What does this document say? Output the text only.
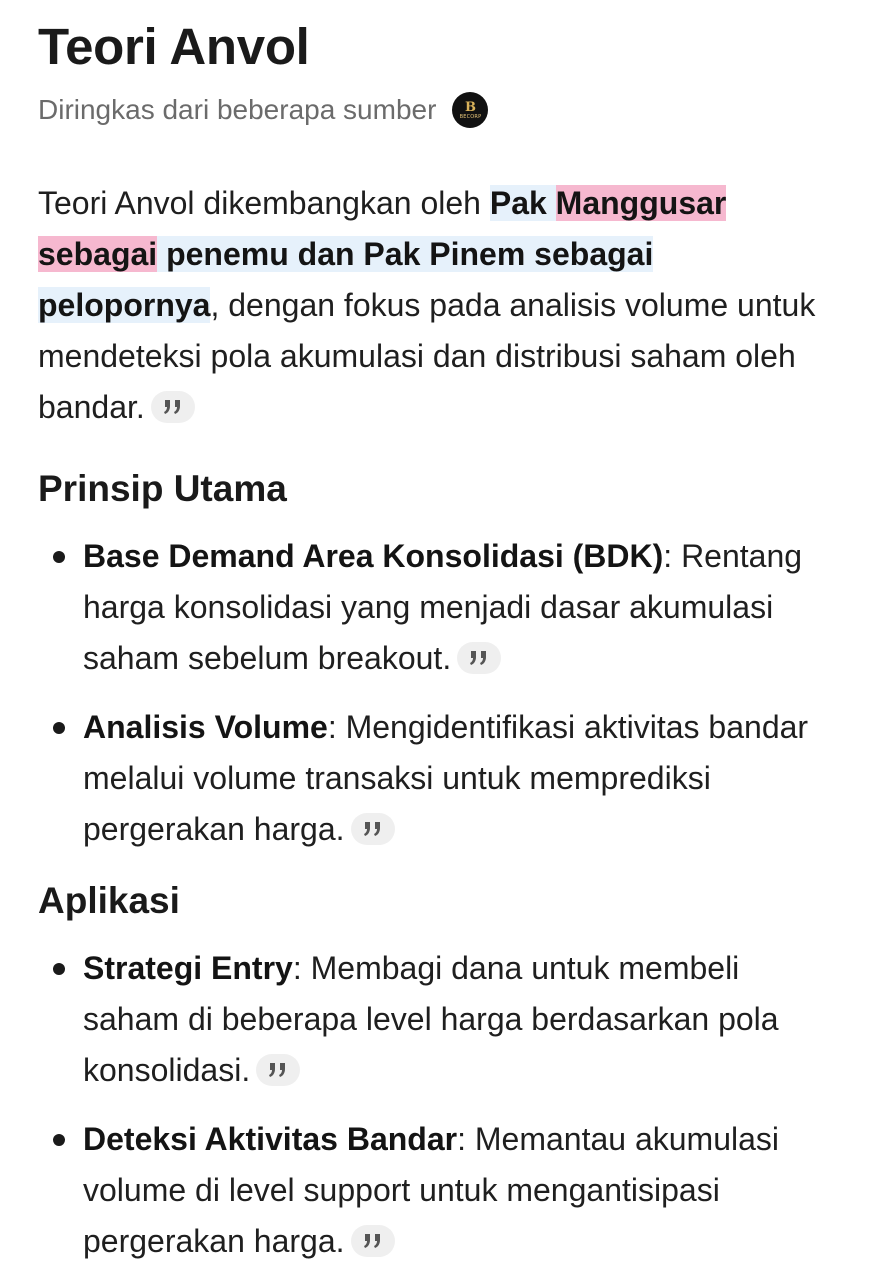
Teori Anvol
Diringkas dari beberapa sumber B
BECORP

Teori Anvol dikembangkan oleh Pak Manggusar sebagai penemu dan Pak Pinem sebagai pelopornya, dengan fokus pada analisis volume untuk mendeteksi pola akumulasi dan distribusi saham oleh bandar.

Prinsip Utama
Base Demand Area Konsolidasi (BDK): Rentang harga konsolidasi yang menjadi dasar akumulasi saham sebelum breakout.
Analisis Volume: Mengidentifikasi aktivitas bandar melalui volume transaksi untuk memprediksi pergerakan harga.
Aplikasi
Strategi Entry: Membagi dana untuk membeli saham di beberapa level harga berdasarkan pola konsolidasi.
Deteksi Aktivitas Bandar: Memantau akumulasi volume di level support untuk mengantisipasi pergerakan harga.
